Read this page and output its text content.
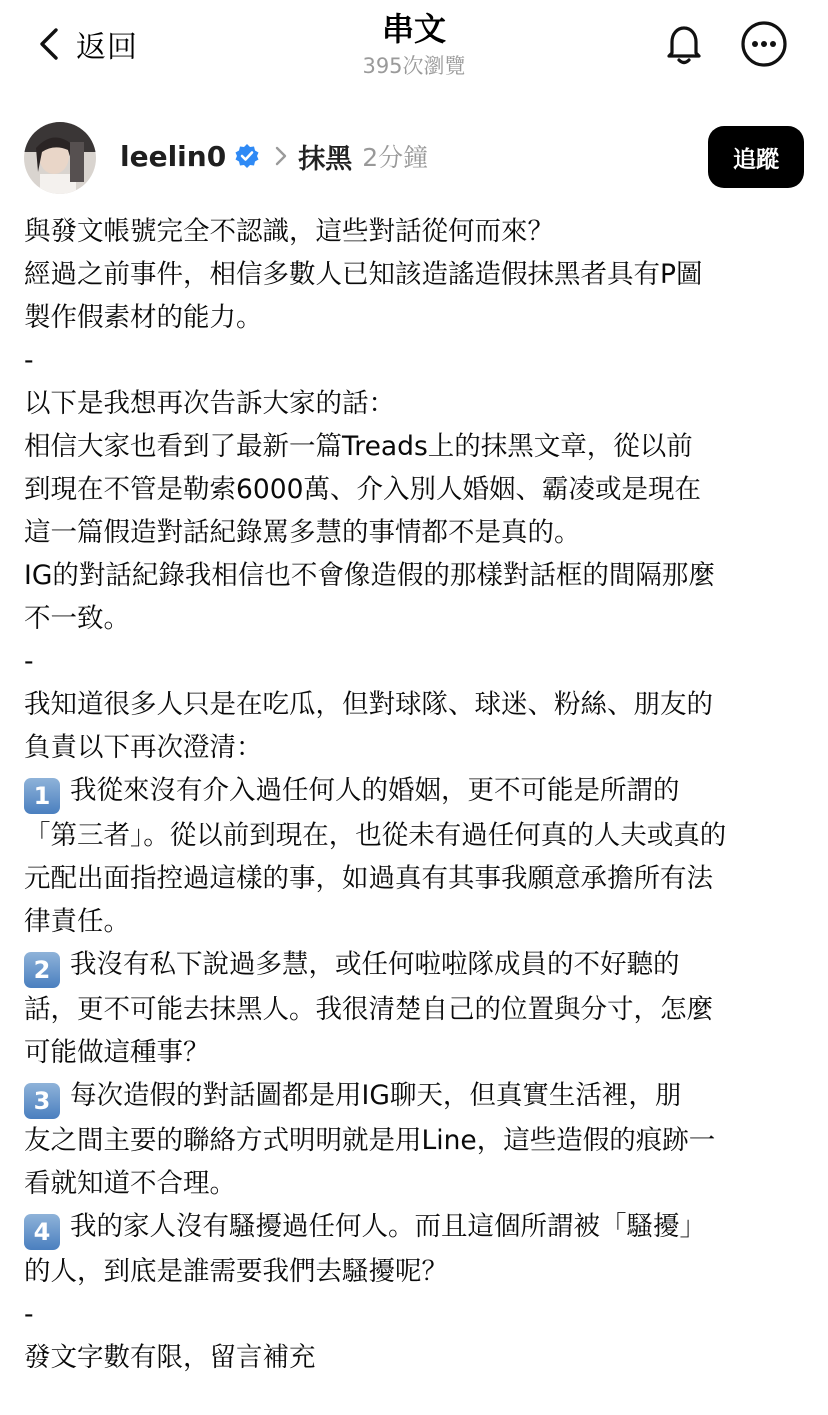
返回	串文
395次瀏覽
leelin0	抹黑 2分鐘	追蹤
與發文帳號完全不認識，這些對話從何而來？
經過之前事件，相信多數人已知該造謠造假抹黑者具有P圖
製作假素材的能力。
-
以下是我想再次告訴大家的話：
相信大家也看到了最新一篇Treads上的抹黑文章，從以前
到現在不管是勒索6000萬、介入別人婚姻、霸凌或是現在
這一篇假造對話紀錄罵多慧的事情都不是真的。
IG的對話紀錄我相信也不會像造假的那樣對話框的間隔那麼
不一致。
-
我知道很多人只是在吃瓜，但對球隊、球迷、粉絲、朋友的
負責以下再次澄清：
1 我從來沒有介入過任何人的婚姻，更不可能是所謂的
「第三者」。從以前到現在，也從未有過任何真的人夫或真的
元配出面指控過這樣的事，如過真有其事我願意承擔所有法
律責任。
2 我沒有私下說過多慧，或任何啦啦隊成員的不好聽的
話，更不可能去抹黑人。我很清楚自己的位置與分寸，怎麼
可能做這種事？
3 每次造假的對話圖都是用IG聊天，但真實生活裡，朋
友之間主要的聯絡方式明明就是用Line，這些造假的痕跡一
看就知道不合理。
4 我的家人沒有騷擾過任何人。而且這個所謂被「騷擾」
的人，到底是誰需要我們去騷擾呢？
-
發文字數有限，留言補充
